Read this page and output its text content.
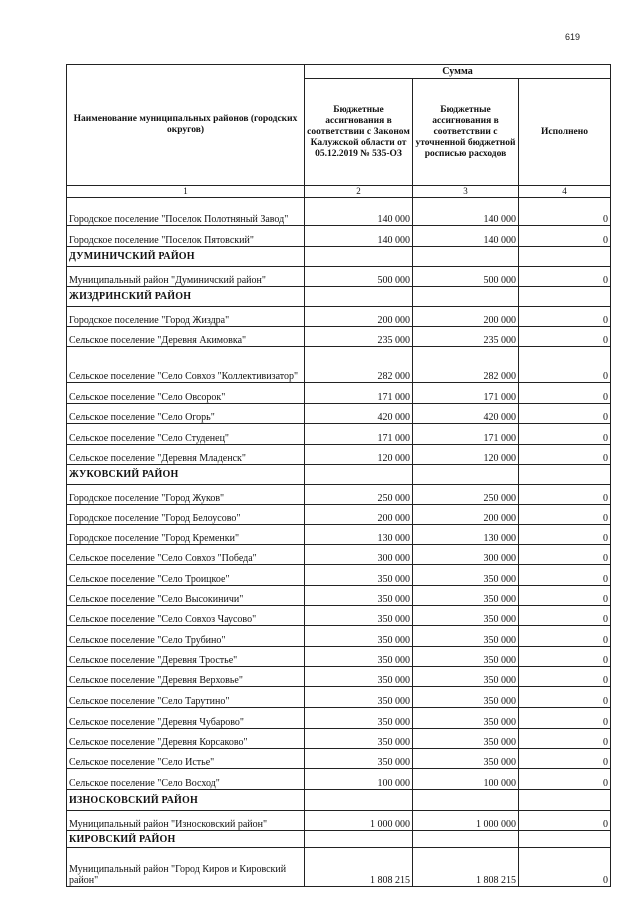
619
Наименование муниципальных районов (городских округов)	Сумма		
	Бюджетные ассигнования в соответствии с Законом Калужской области от 05.12.2019 № 535-ОЗ	Бюджетные ассигнования в соответствии с уточненной бюджетной росписью расходов	Исполнено
1	2	3	4
Городское поселение "Поселок Полотняный Завод"	140 000	140 000	0
Городское поселение "Поселок Пятовский"	140 000	140 000	0
ДУМИНИЧСКИЙ РАЙОН			
Муниципальный район "Думиничский район"	500 000	500 000	0
ЖИЗДРИНСКИЙ РАЙОН			
Городское поселение "Город Жиздра"	200 000	200 000	0
Сельское поселение "Деревня Акимовка"	235 000	235 000	0
Сельское поселение "Село Совхоз "Коллективизатор"	282 000	282 000	0
Сельское поселение "Село Овсорок"	171 000	171 000	0
Сельское поселение "Село Огорь"	420 000	420 000	0
Сельское поселение "Село Студенец"	171 000	171 000	0
Сельское поселение "Деревня Младенск"	120 000	120 000	0
ЖУКОВСКИЙ РАЙОН			
Городское поселение "Город Жуков"	250 000	250 000	0
Городское поселение "Город Белоусово"	200 000	200 000	0
Городское поселение "Город Кременки"	130 000	130 000	0
Сельское поселение "Село Совхоз "Победа"	300 000	300 000	0
Сельское поселение "Село Троицкое"	350 000	350 000	0
Сельское поселение "Село Высокиничи"	350 000	350 000	0
Сельское поселение "Село Совхоз Чаусово"	350 000	350 000	0
Сельское поселение "Село Трубино"	350 000	350 000	0
Сельское поселение "Деревня Тростье"	350 000	350 000	0
Сельское поселение "Деревня Верховье"	350 000	350 000	0
Сельское поселение "Село Тарутино"	350 000	350 000	0
Сельское поселение "Деревня Чубарово"	350 000	350 000	0
Сельское поселение "Деревня Корсаково"	350 000	350 000	0
Сельское поселение "Село Истье"	350 000	350 000	0
Сельское поселение "Село Восход"	100 000	100 000	0
ИЗНОСКОВСКИЙ РАЙОН			
Муниципальный район "Износковский район"	1 000 000	1 000 000	0
КИРОВСКИЙ РАЙОН			
Муниципальный район "Город Киров и Кировский район"	1 808 215	1 808 215	0
